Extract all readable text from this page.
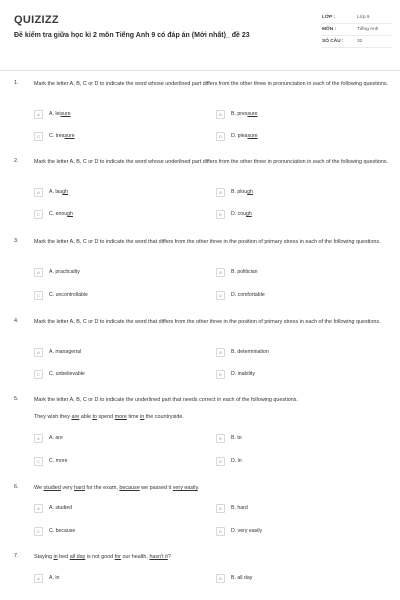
QUIZIZZ
Đề kiểm tra giữa học kì 2 môn Tiếng Anh 9 có đáp án (Mới nhất)_ đề 23
LỚP :	Lớp 9
MÔN :	Tiếng Anh
SỐ CÂU :	32
1.	Mark the letter A, B, C or D to indicate the word whose underlined part differs from the other three in pronunciation in each of the following questions.
A	A. lei sure	B	B. pres sure
C	C. trea sure	D	D. plea sure
2.	Mark the letter A, B, C or D to indicate the word whose underlined part differs from the other three in pronunciation in each of the following questions.
A	A. lau gh	B	B. plou gh
C	C. enou gh	D	D. cou gh
3.	Mark the letter A, B, C or D to indicate the word that differs from the other three in the position of primary stress in each of the following questions.
A	A. practicality	B	B. politician
C	C. uncontrollable	D	D. comfortable
4.	Mark the letter A, B, C or D to indicate the word that differs from the other three in the position of primary stress in each of the following questions.
A	A. managerial	B	B. determination
C	C. unbelievable	D	D. inability
5.	Mark the letter A, B, C or D to indicate the underlined part that needs correct in each of the following questions.
They wish they are able to spend more time in the countryside.
A	A. are	B	B. to
C	C. more	D	D. in
6.	We studied very hard for the exam, because we passed it very easily.
A	A. studied	B	B. hard
C	C. because	D	D. very easily
7.	Staying in bed all day is not good for our health, hasn't it?
A	A. in	B	B. all day
